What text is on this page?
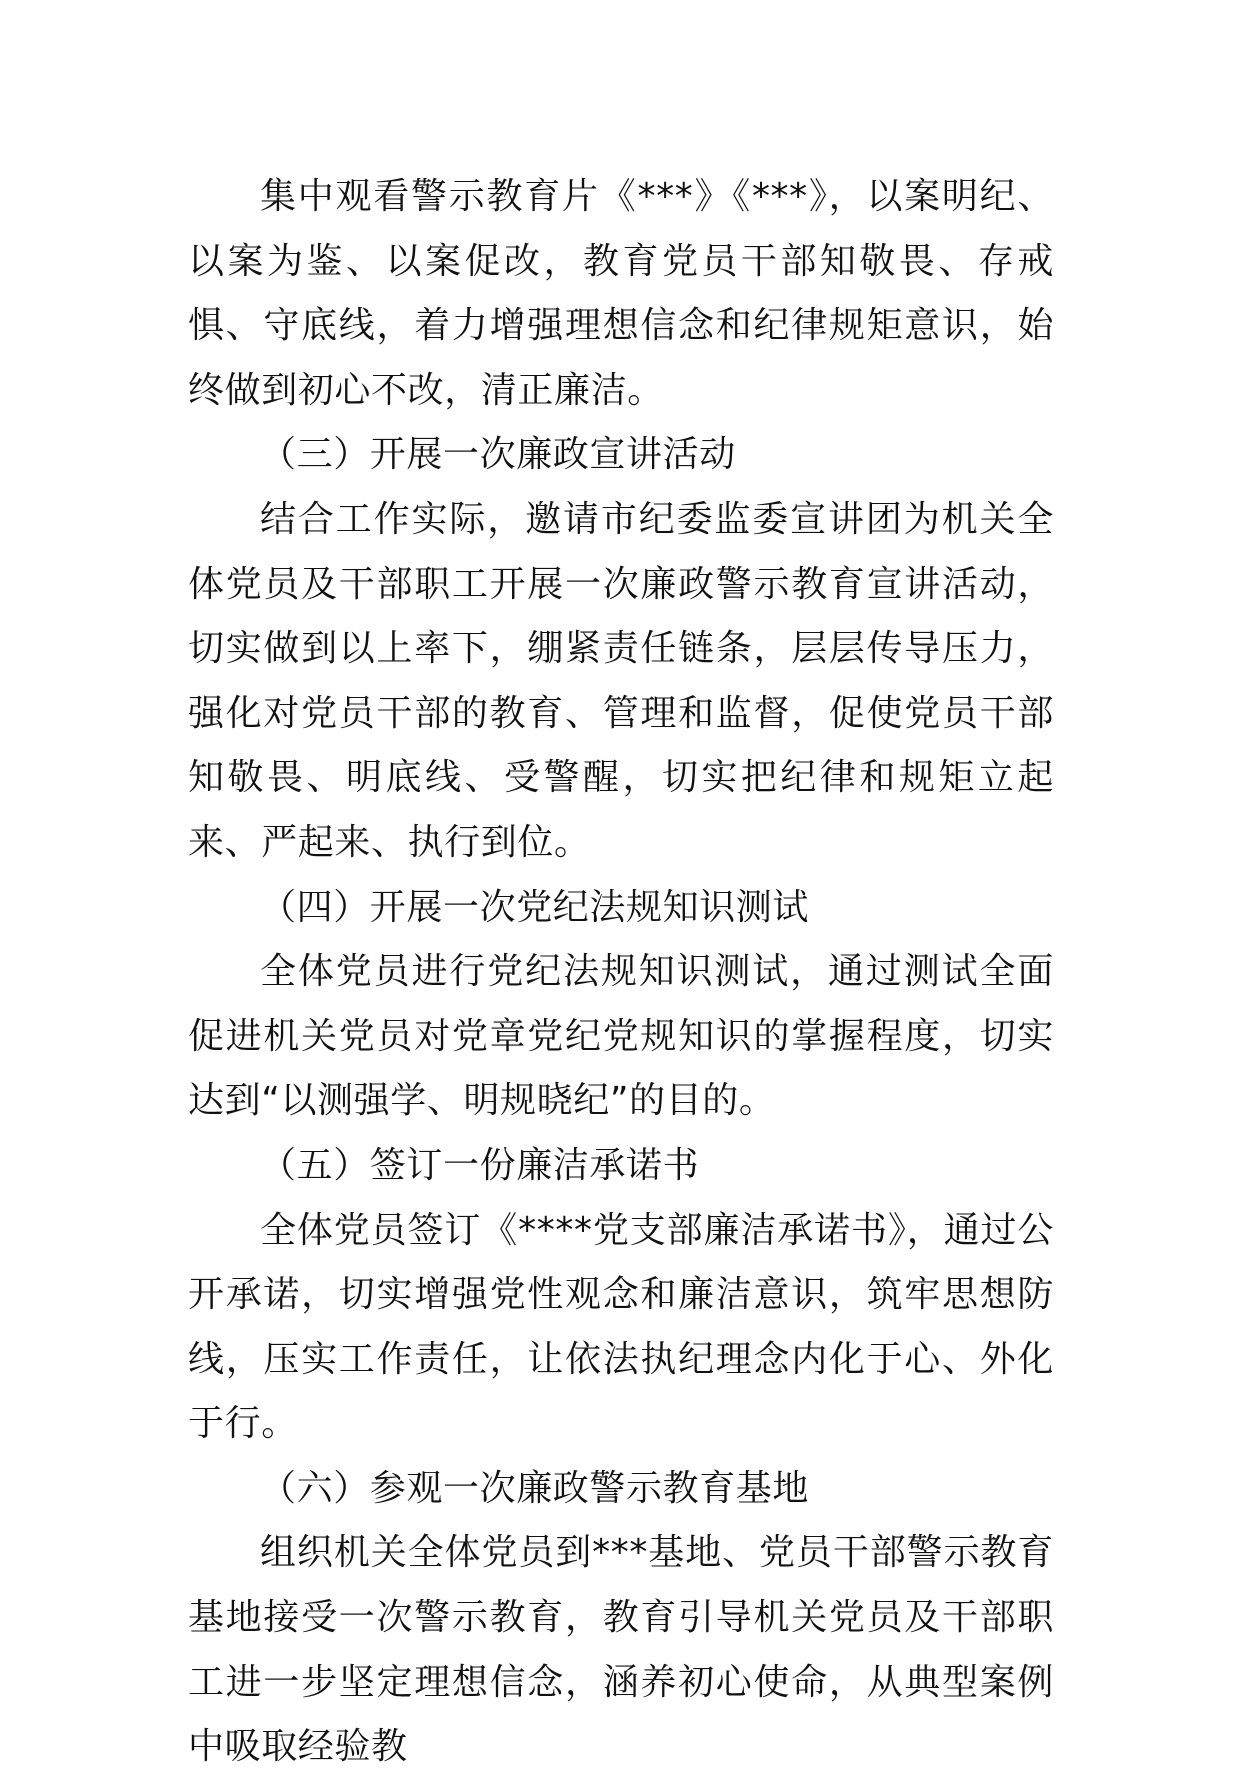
集中观看警示教育片《***》《***》，以案明纪、以案为鉴、以案促改，教育党员干部知敬畏、存戒惧、守底线，着力增强理想信念和纪律规矩意识，始终做到初心不改，清正廉洁。

（三）开展一次廉政宣讲活动

结合工作实际，邀请市纪委监委宣讲团为机关全体党员及干部职工开展一次廉政警示教育宣讲活动，切实做到以上率下，绷紧责任链条，层层传导压力，强化对党员干部的教育、管理和监督，促使党员干部知敬畏、明底线、受警醒，切实把纪律和规矩立起来、严起来、执行到位。

（四）开展一次党纪法规知识测试

全体党员进行党纪法规知识测试，通过测试全面促进机关党员对党章党纪党规知识的掌握程度，切实达到“以测强学、明规晓纪”的目的。

（五）签订一份廉洁承诺书

全体党员签订《****党支部廉洁承诺书》，通过公开承诺，切实增强党性观念和廉洁意识，筑牢思想防线，压实工作责任，让依法执纪理念内化于心、外化于行。

（六）参观一次廉政警示教育基地

组织机关全体党员到***基地、党员干部警示教育基地接受一次警示教育，教育引导机关党员及干部职工进一步坚定理想信念，涵养初心使命，从典型案例中吸取经验教
